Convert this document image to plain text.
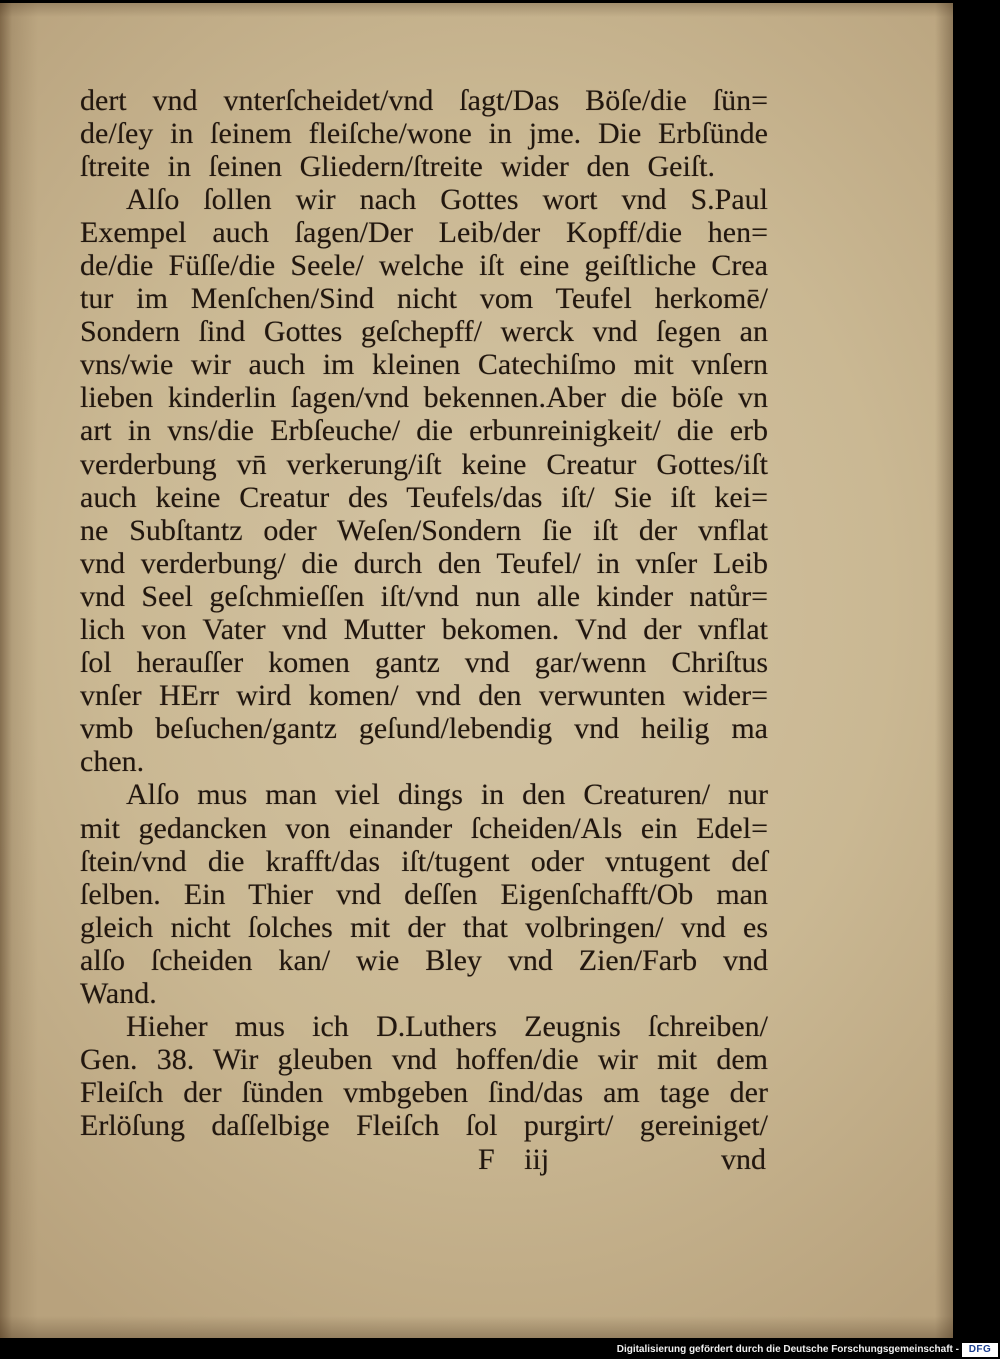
dert vnd vnterſcheidet/vnd ſagt/Das Böſe/die ſün=
de/ſey in ſeinem fleiſche/wone in jme. Die Erbſünde
ſtreite in ſeinen Gliedern/ſtreite wider den Geiſt.
Alſo ſollen wir nach Gottes wort vnd S.Paul
Exempel auch ſagen/Der Leib/der Kopff/die hen=
de/die Füſſe/die Seele/ welche iſt eine geiſtliche Crea
tur im Menſchen/Sind nicht vom Teufel herkomē/
Sondern ſind Gottes geſchepff/ werck vnd ſegen an
vns/wie wir auch im kleinen Catechiſmo mit vnſern
lieben kinderlin ſagen/vnd bekennen.Aber die böſe vn
art in vns/die Erbſeuche/ die erbunreinigkeit/ die erb
verderbung vn̄ verkerung/iſt keine Creatur Gottes/iſt
auch keine Creatur des Teufels/das iſt/ Sie iſt kei=
ne Subſtantz oder Weſen/Sondern ſie iſt der vnflat
vnd verderbung/ die durch den Teufel/ in vnſer Leib
vnd Seel geſchmieſſen iſt/vnd nun alle kinder natůr=
lich von Vater vnd Mutter bekomen. Vnd der vnflat
ſol herauſſer komen gantz vnd gar/wenn Chriſtus
vnſer HErr wird komen/ vnd den verwunten wider=
vmb beſuchen/gantz geſund/lebendig vnd heilig ma
chen.
Alſo mus man viel dings in den Creaturen/ nur
mit gedancken von einander ſcheiden/Als ein Edel=
ſtein/vnd die krafft/das iſt/tugent oder vntugent deſ
ſelben. Ein Thier vnd deſſen Eigenſchafft/Ob man
gleich nicht ſolches mit der that volbringen/ vnd es
alſo ſcheiden kan/ wie Bley vnd Zien/Farb vnd
Wand.
Hieher mus ich D.Luthers Zeugnis ſchreiben/
Gen. 38. Wir gleuben vnd hoffen/die wir mit dem
Fleiſch der ſünden vmbgeben ſind/das am tage der
Erlöſung daſſelbige Fleiſch ſol purgirt/ gereiniget/
F iij	vnd
Digitalisierung gefördert durch die Deutsche Forschungsgemeinschaft - DFG
